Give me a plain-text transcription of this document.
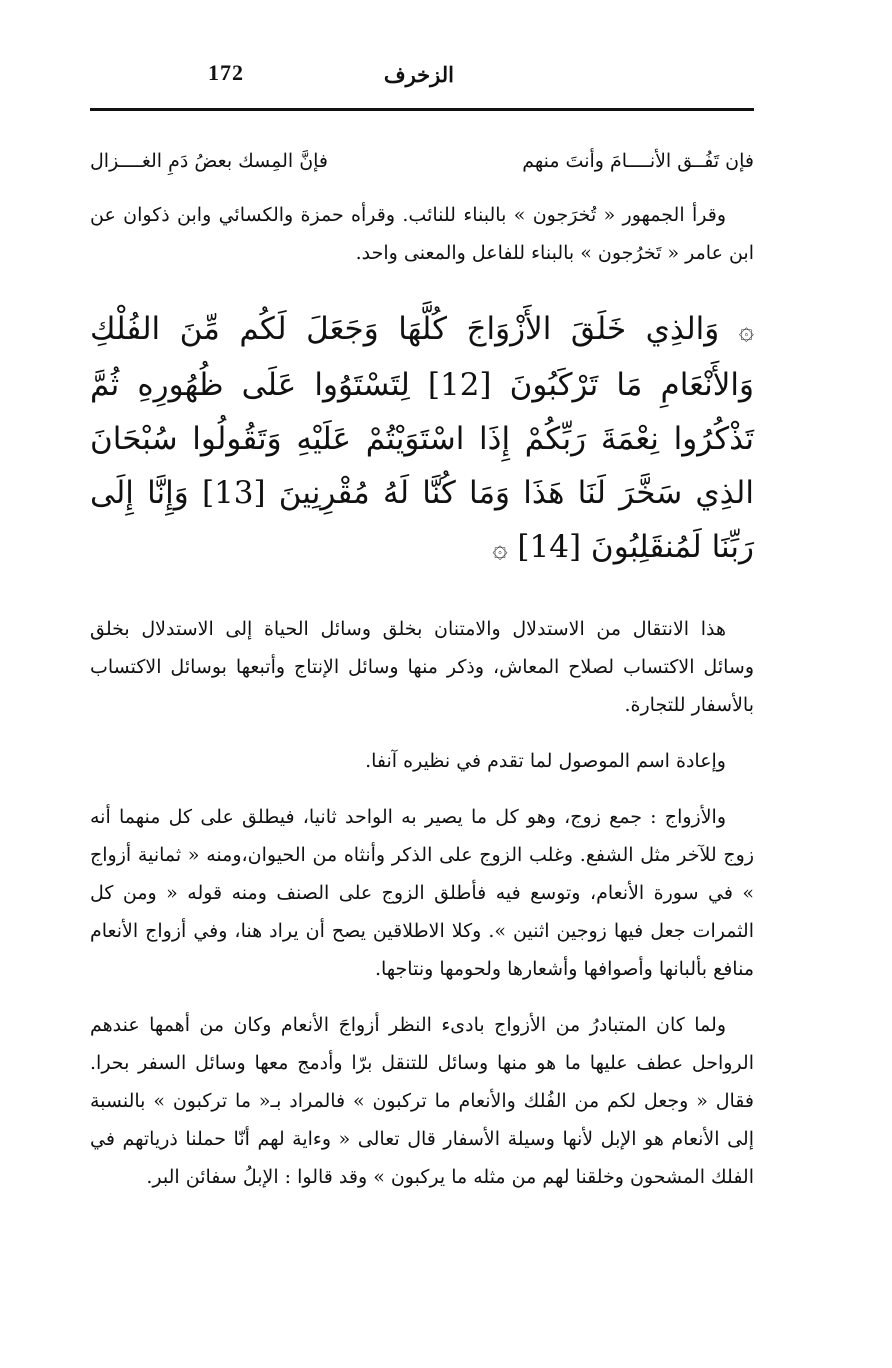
172	الزخرف

فإن تَفُــق الأنــــامَ وأنتَ منهم
فإنَّ المِسك بعضُ دَمِ الغــــزال

وقرأ الجمهور « تُخرَجون » بالبناء للنائب. وقرأه حمزة والكسائي وابن ذكوان عن ابن عامر « تَخرُجون » بالبناء للفاعل والمعنى واحد.

۞ وَالذِي خَلَقَ الأَزْوَاجَ كُلَّهَا وَجَعَلَ لَكُم مِّنَ الفُلْكِ وَالأَنْعَامِ مَا تَرْكَبُونَ [12] لِتَسْتَوُوا عَلَى ظُهُورِهِ ثُمَّ تَذْكُرُوا نِعْمَةَ رَبِّكُمْ إِذَا اسْتَوَيْتُمْ عَلَيْهِ وَتَقُولُوا سُبْحَانَ الذِي سَخَّرَ لَنَا هَذَا وَمَا كُنَّا لَهُ مُقْرِنِينَ [13] وَإِنَّا إِلَى رَبِّنَا لَمُنقَلِبُونَ [14] ۞

هذا الانتقال من الاستدلال والامتنان بخلق وسائل الحياة إلى الاستدلال بخلق وسائل الاكتساب لصلاح المعاش، وذكر منها وسائل الإنتاج وأتبعها بوسائل الاكتساب بالأسفار للتجارة.

وإعادة اسم الموصول لما تقدم في نظيره آنفا.

والأزواج : جمع زوج، وهو كل ما يصير به الواحد ثانيا، فيطلق على كل منهما أنه زوج للآخر مثل الشفع. وغلب الزوج على الذكر وأنثاه من الحيوان،ومنه « ثمانية أزواج » في سورة الأنعام، وتوسع فيه فأطلق الزوج على الصنف ومنه قوله « ومن كل الثمرات جعل فيها زوجين اثنين ». وكلا الاطلاقين يصح أن يراد هنا، وفي أزواج الأنعام منافع بألبانها وأصوافها وأشعارها ولحومها ونتاجها.

ولما كان المتبادرُ من الأزواج بادىء النظر أزواجَ الأنعام وكان من أهمها عندهم الرواحل عطف عليها ما هو منها وسائل للتنقل برّا وأدمج معها وسائل السفر بحرا. فقال « وجعل لكم من الفُلك والأنعام ما تركبون » فالمراد بـ« ما تركبون » بالنسبة إلى الأنعام هو الإبل لأنها وسيلة الأسفار قال تعالى « وءاية لهم أنّا حملنا ذرياتهم في الفلك المشحون وخلقنا لهم من مثله ما يركبون » وقد قالوا : الإبلُ سفائن البر.
